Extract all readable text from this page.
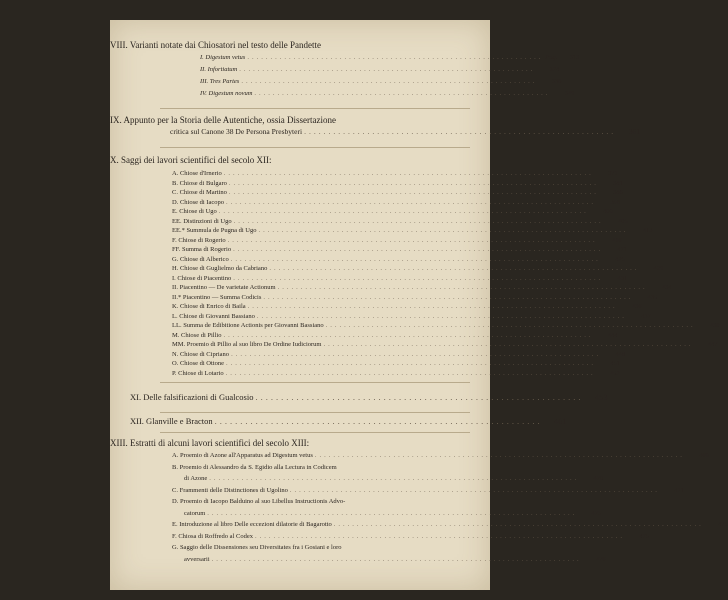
VIII. Varianti notate dai Chiosatori nel testo delle Pandette
I. Digestum vetus ................................................................ Pag.	313
II. Infortiatum ................................................................	324
III. Tres Partes ................................................................	338
IV. Digestum novum ................................................................	349
IX. Appunto per la Storia delle Autentiche, ossia Dissertazione
critica sul Canone 38 De Persona Presbyteri ................................................................	361
X. Saggi dei lavori scientifici del secolo XII:
A. Chiose d'Irnerio ................................................................................	371
B. Chiose di Bulgaro ................................................................................	381
C. Chiose di Martino ................................................................................	388
D. Chiose di Iacopo ................................................................................	398
E. Chiose di Ugo ................................................................................	400
EE. Distinzioni di Ugo ................................................................................	405
EE.* Summula de Pugna di Ugo ................................................................................	413
F. Chiose di Rogerio ................................................................................	416
FF. Summa di Rogerio ................................................................................	421
G. Chiose di Alberico ................................................................................	426
H. Chiose di Guglielmo da Cabriano ................................................................................	429
I. Chiose di Piacentino ................................................................................	431
II. Piacentino — De varietate Actionum ................................................................................	434
II.* Piacentino — Summa Codicis ................................................................................	435
K. Chiose di Enrico di Baila ................................................................................	436
L. Chiose di Giovanni Bassiano ................................................................................	437
LL. Summa de Edibitione Actionis per Giovanni Bassiano ................................................................................	439
M. Chiose di Pillio ................................................................................	444
MM. Proemio di Pillio al suo libro De Ordine Iudiciorum ................................................................................	447
N. Chiose di Cipriano ................................................................................	448
O. Chiose di Ottone ................................................................................	451
P. Chiose di Lotario ................................................................................	452
XI. Delle falsificazioni di Gualcosio ................................................................	453
XII. Glanville e Bracton ................................................................	461
XIII. Estratti di alcuni lavori scientifici del secolo XIII:
A. Proemio di Azone all'Apparatus ad Digestum vetus ................................................................................	469
B. Proemio di Alessandro da S. Egidio alla Lectura in Codicem
di Azone ................................................................................	470
C. Frammenti delle Distinctiones di Ugolino ................................................................................	471
D. Proemio di Iacopo Balduino al suo Libellus Instructionis Advo-
catorum ................................................................................	475
E. Introduzione al libro Delle eccezioni dilatorie di Bagarotto ................................................................................	475
F. Chiosa di Roffredo al Codex ................................................................................	475
G. Saggio delle Dissensiones seu Diversitates fra i Gosiani e loro
avversarii ................................................................................	476
